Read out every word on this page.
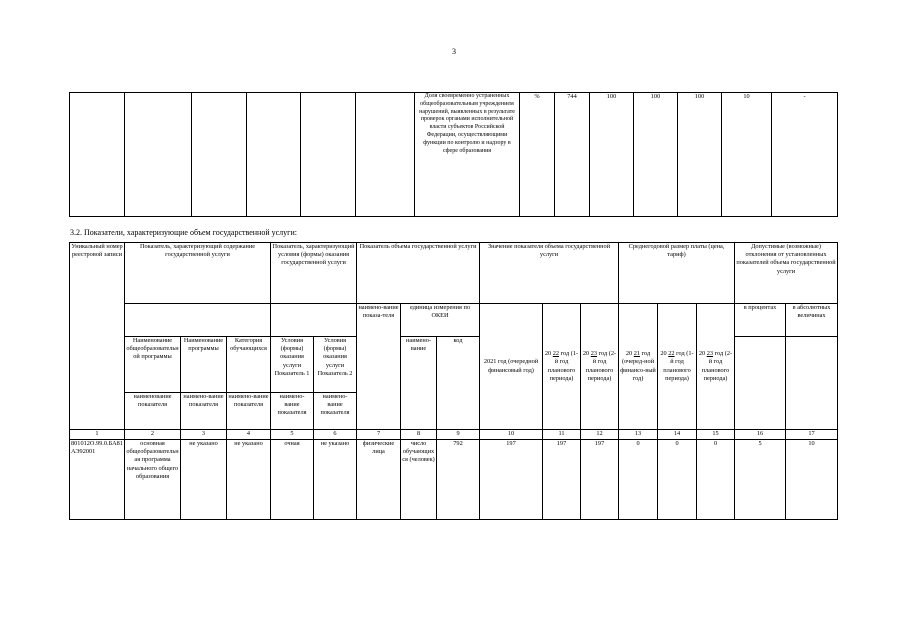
3
						Доля своевременно устраненных общеобразовательным учреждением нарушений, выявленных в результате проверок органами исполнительной власти субъектов Российской Федерации, осуществляющими функции по контролю и надзору в сфере образования	%	744	100	100	100	10	-
3.2. Показатели, характеризующие объем государственной услуги:
Уникальный номер реестровой записи	Показатель, характеризующий содержание государственной услуги			Показатель, характеризующий условия (формы) оказания государственной услуги		Показатель объема государственной услуги			Значение показателя объема государственной услуги			Среднегодовой размер платы (цена, тариф)			Допустимые (возможные) отклонения от установленных показателей объема государственной услуги	
						наимено-вание показа-теля	единица измерения по ОКЕИ		2021 год (очередной финансовый год)	20 22 год (1-й год планового периода)	20 23 год (2-й год планового периода)	20 21 год (очеред-ной финансо-вый год)	20 22 год (1-й год планового периода)	20 23 год (2-й год планового периода)	в процентах	в абсолютных величинах
	Наименование общеобразовательной программы	Наименование программы	Категория обучающихся	Условия (формы) оказания услуги Показатель 1	Условия (формы) оказания услуги Показатель 2		наимено-вание	код								
	наименование показателя	наимено-вание показателя	наимено-вание показателя	наимено-вание показателя	наимено-вание показателя											
1	2	3	4	5	6	7	8	9	10	11	12	13	14	15	16	17
801012О.99.0.БА81АЭ92001	основная общеобразовательная программа начального общего образования	не указано	не указано	очная	не указано	физические лица	число обучающихся (человек)	792	197	197	197	0	0	0	5	10
